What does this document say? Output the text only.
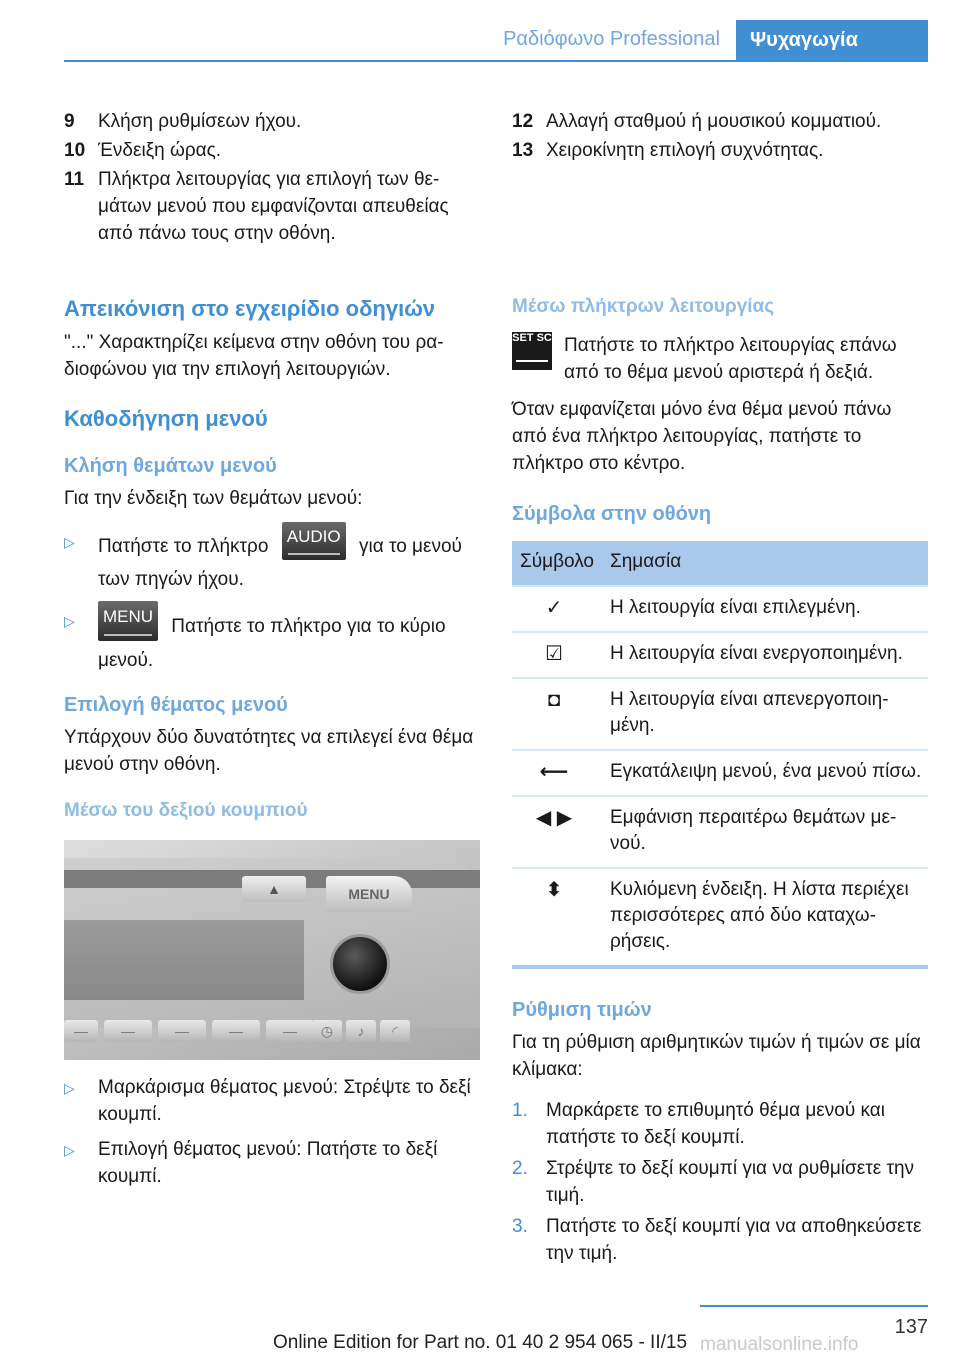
Ραδιόφωνο Professional	Ψυχαγωγία
9	Κλήση ρυθμίσεων ήχου.
10 Ένδειξη ώρας.
11 Πλήκτρα λειτουργίας για επιλογή των θεμάτων μενού που εμφανίζονται απευθείας από πάνω τους στην οθόνη.
Απεικόνιση στο εγχειρίδιο οδηγιών
"..." Χαρακτηρίζει κείμενα στην οθόνη του ραδιοφώνου για την επιλογή λειτουργιών.
Καθοδήγηση μενού
Κλήση θεμάτων μενού
Για την ένδειξη των θεμάτων μενού:
▷	Πατήστε το πλήκτρο AUDIO για το μενού των πηγών ήχου.
▷	MENU Πατήστε το πλήκτρο για το κύριο μενού.
Επιλογή θέματος μενού
Υπάρχουν δύο δυνατότητες να επιλεγεί ένα θέμα μενού στην οθόνη.
Μέσω του δεξιού κουμπιού
▲	MENU
—	—	—	—	—	◷	♪	◜
▷	Μαρκάρισμα θέματος μενού: Στρέψτε το δεξί κουμπί.
▷	Επιλογή θέματος μενού: Πατήστε το δεξί κουμπί.
12 Αλλαγή σταθμού ή μουσικού κομματιού.
13 Χειροκίνητη επιλογή συχνότητας.
Μέσω πλήκτρων λειτουργίας
SET SC Πατήστε το πλήκτρο λειτουργίας επάνω από το θέμα μενού αριστερά ή δεξιά.
Όταν εμφανίζεται μόνο ένα θέμα μενού πάνω από ένα πλήκτρο λειτουργίας, πατήστε το πλήκτρο στο κέντρο.
Σύμβολα στην οθόνη
Σύμβολο	Σημασία
✓	Η λειτουργία είναι επιλεγμένη.
☑	Η λειτουργία είναι ενεργοποιημένη.
◘	Η λειτουργία είναι απενεργοποιημένη.
⟵	Εγκατάλειψη μενού, ένα μενού πίσω.
◀ ▶	Εμφάνιση περαιτέρω θεμάτων μενού.
⬍	Κυλιόμενη ένδειξη. Η λίστα περιέχει περισσότερες από δύο καταχωρήσεις.
Ρύθμιση τιμών
Για τη ρύθμιση αριθμητικών τιμών ή τιμών σε μία κλίμακα:
1. Μαρκάρετε το επιθυμητό θέμα μενού και πατήστε το δεξί κουμπί.
2. Στρέψτε το δεξί κουμπί για να ρυθμίσετε την τιμή.
3. Πατήστε το δεξί κουμπί για να αποθηκεύσετε την τιμή.
137
Online Edition for Part no. 01 40 2 954 065 - II/15 manualsonline.info
